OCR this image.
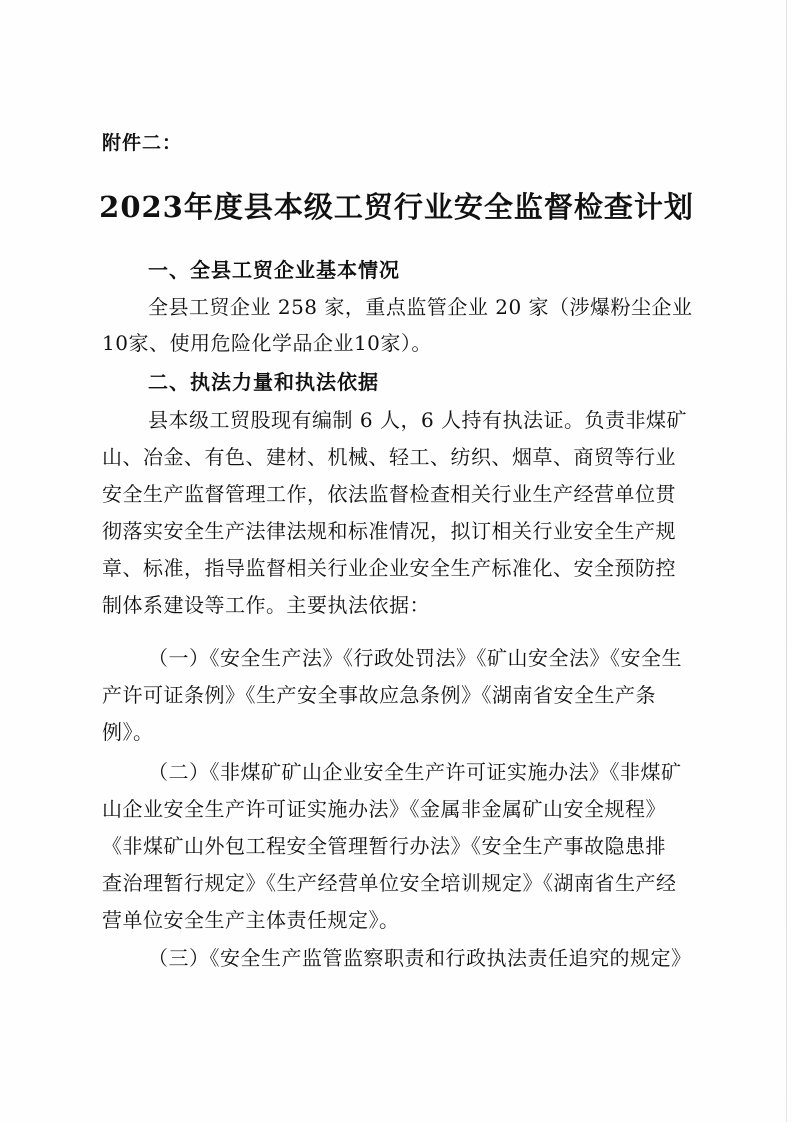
附件二：
2023年度县本级工贸行业安全监督检查计划
一、全县工贸企业基本情况
全县工贸企业 258 家，重点监管企业 20 家（涉爆粉尘企业
10家、使用危险化学品企业10家）。
二、执法力量和执法依据
县本级工贸股现有编制 6 人，6 人持有执法证。负责非煤矿
山、冶金、有色、建材、机械、轻工、纺织、烟草、商贸等行业
安全生产监督管理工作，依法监督检查相关行业生产经营单位贯
彻落实安全生产法律法规和标准情况，拟订相关行业安全生产规
章、标准，指导监督相关行业企业安全生产标准化、安全预防控
制体系建设等工作。主要执法依据：
（一）《安全生产法》《行政处罚法》《矿山安全法》《安全生
产许可证条例》《生产安全事故应急条例》《湖南省安全生产条
例》。
（二）《非煤矿矿山企业安全生产许可证实施办法》《非煤矿
山企业安全生产许可证实施办法》《金属非金属矿山安全规程》
《非煤矿山外包工程安全管理暂行办法》《安全生产事故隐患排
查治理暂行规定》《生产经营单位安全培训规定》《湖南省生产经
营单位安全生产主体责任规定》。
（三）《安全生产监管监察职责和行政执法责任追究的规定》
